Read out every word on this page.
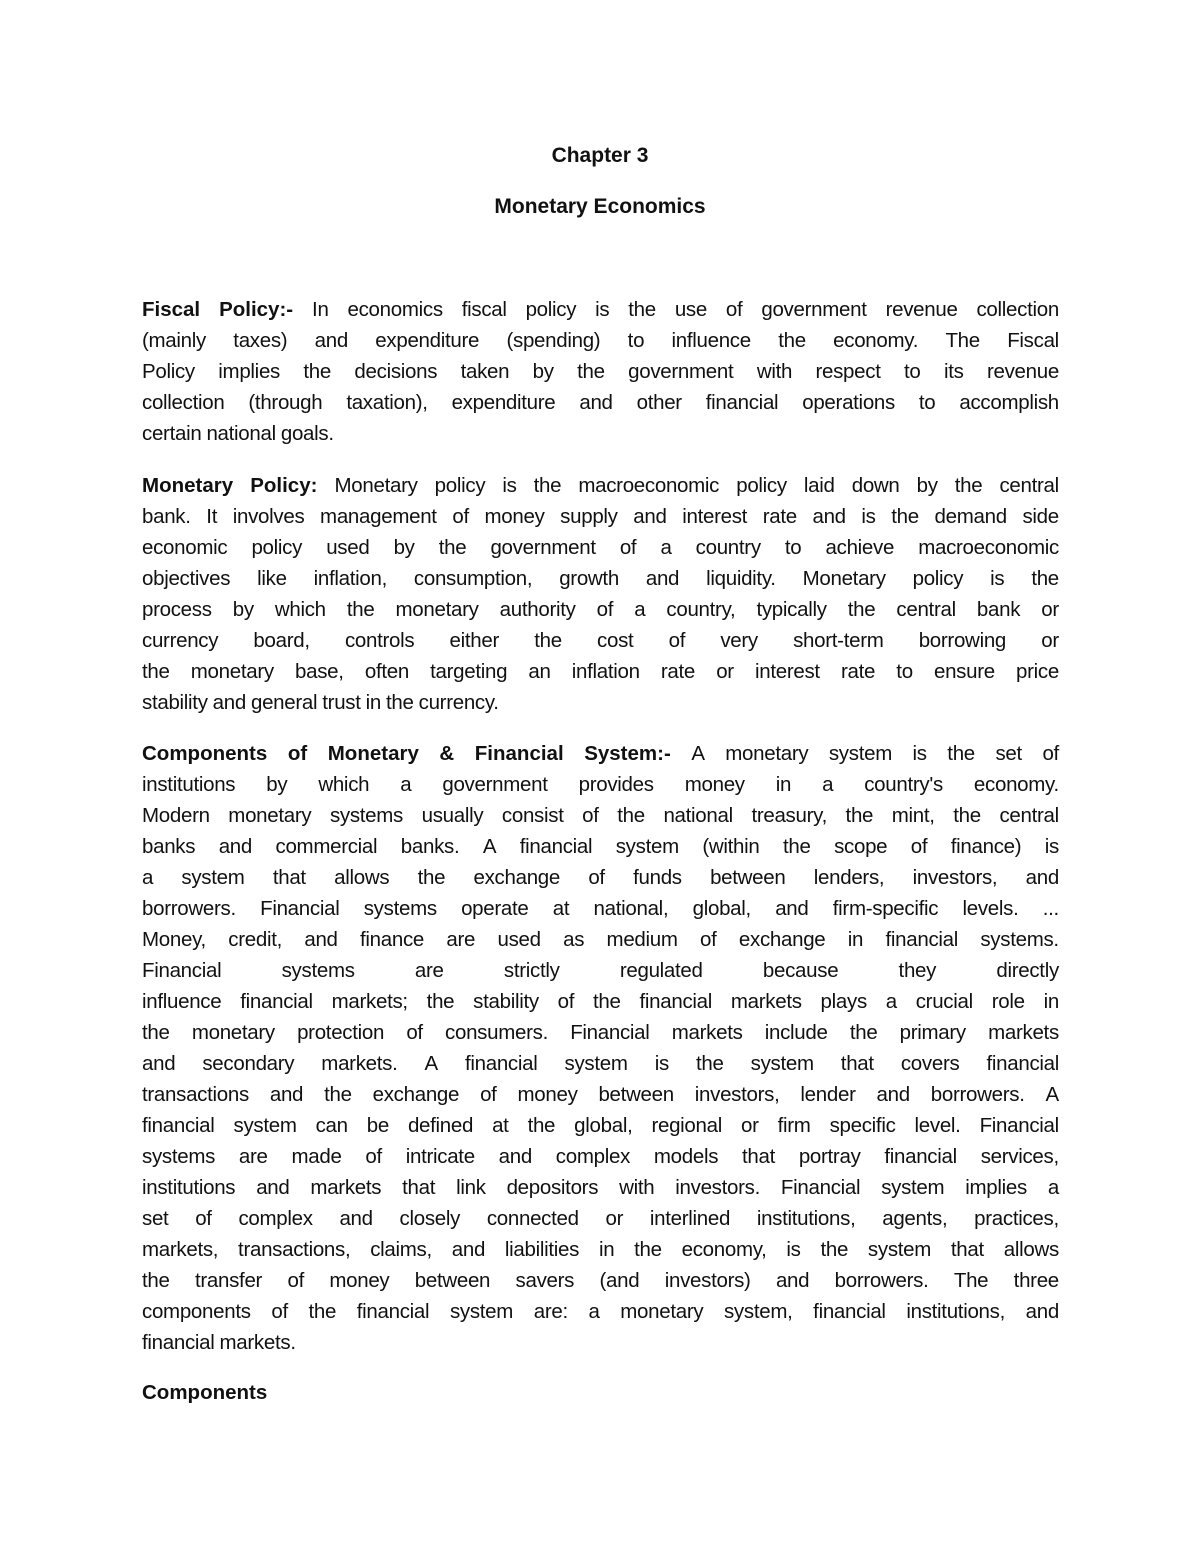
Chapter 3
Monetary Economics
Fiscal Policy:- In economics fiscal policy is the use of government revenue collection
(mainly taxes) and expenditure (spending) to influence the economy. The Fiscal
Policy implies the decisions taken by the government with respect to its revenue
collection (through taxation), expenditure and other financial operations to accomplish
certain national goals.
Monetary Policy: Monetary policy is the macroeconomic policy laid down by the central
bank. It involves management of money supply and interest rate and is the demand side
economic policy used by the government of a country to achieve macroeconomic
objectives like inflation, consumption, growth and liquidity. Monetary policy is the
process by which the monetary authority of a country, typically the central bank or
currency board, controls either the cost of very short-term borrowing or
the monetary base, often targeting an inflation rate or interest rate to ensure price
stability and general trust in the currency.
Components of Monetary & Financial System:- A monetary system is the set of
institutions by which a government provides money in a country's economy.
Modern monetary systems usually consist of the national treasury, the mint, the central
banks and commercial banks. A financial system (within the scope of finance) is
a system that allows the exchange of funds between lenders, investors, and
borrowers. Financial systems operate at national, global, and firm-specific levels. ...
Money, credit, and finance are used as medium of exchange in financial systems.
Financial	systems	are	strictly	regulated	because	they	directly
influence financial markets; the stability of the financial markets plays a crucial role in
the monetary protection of consumers. Financial markets include the primary markets
and secondary markets. A financial system is the system that covers financial
transactions and the exchange of money between investors, lender and borrowers. A
financial system can be defined at the global, regional or firm specific level. Financial
systems are made of intricate and complex models that portray financial services,
institutions and markets that link depositors with investors. Financial system implies a
set of complex and closely connected or interlined institutions, agents, practices,
markets, transactions, claims, and liabilities in the economy, is the system that allows
the transfer of money between savers (and investors) and borrowers. The three
components of the financial system are: a monetary system, financial institutions, and
financial markets.
Components
